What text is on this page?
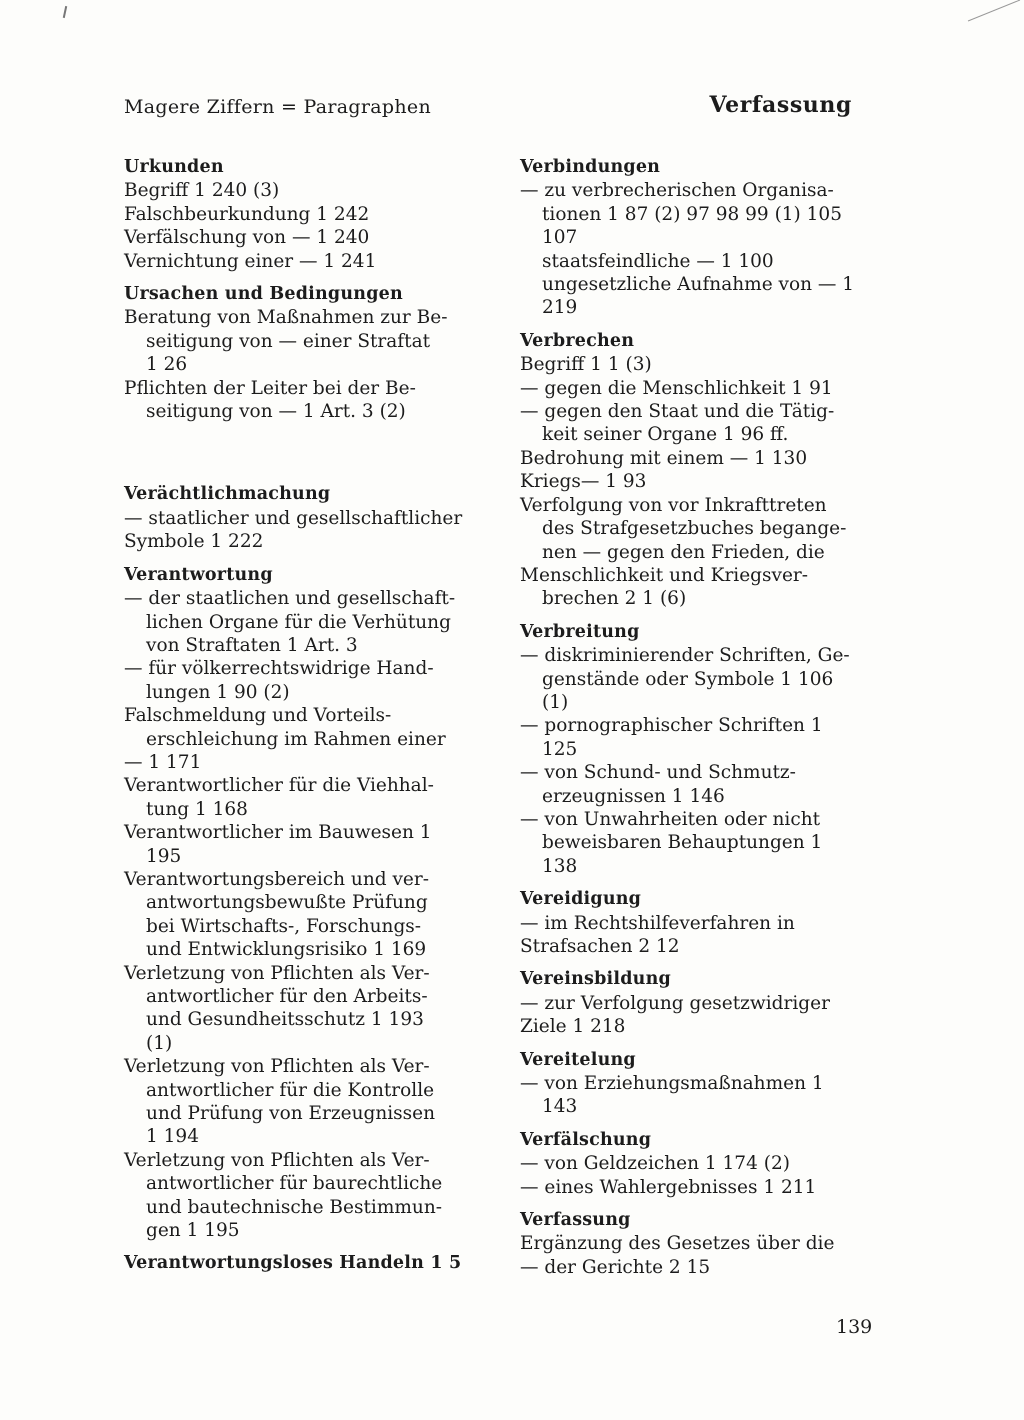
Magere Ziffern = Paragraphen	Verfassung
Urkunden
Begriff 1 240 (3)
Falschbeurkundung 1 242
Verfälschung von — 1 240
Vernichtung einer — 1 241
Ursachen und Bedingungen
Beratung von Maßnahmen zur Be-
seitigung von — einer Straftat
1 26
Pflichten der Leiter bei der Be-
seitigung von — 1 Art. 3 (2)
Verächtlichmachung
— staatlicher und gesellschaftlicher
Symbole 1 222
Verantwortung
— der staatlichen und gesellschaft-
lichen Organe für die Verhütung
von Straftaten 1 Art. 3
— für völkerrechtswidrige Hand-
lungen 1 90 (2)
Falschmeldung und Vorteils-
erschleichung im Rahmen einer
— 1 171
Verantwortlicher für die Viehhal-
tung 1 168
Verantwortlicher im Bauwesen 1
195
Verantwortungsbereich und ver-
antwortungsbewußte Prüfung
bei Wirtschafts-, Forschungs-
und Entwicklungsrisiko 1 169
Verletzung von Pflichten als Ver-
antwortlicher für den Arbeits-
und Gesundheitsschutz 1 193
(1)
Verletzung von Pflichten als Ver-
antwortlicher für die Kontrolle
und Prüfung von Erzeugnissen
1 194
Verletzung von Pflichten als Ver-
antwortlicher für baurechtliche
und bautechnische Bestimmun-
gen 1 195
Verantwortungsloses Handeln 1 5
Verbindungen
— zu verbrecherischen Organisa-
tionen 1 87 (2) 97 98 99 (1) 105
107
staatsfeindliche — 1 100
ungesetzliche Aufnahme von — 1
219
Verbrechen
Begriff 1 1 (3)
— gegen die Menschlichkeit 1 91
— gegen den Staat und die Tätig-
keit seiner Organe 1 96 ff.
Bedrohung mit einem — 1 130
Kriegs— 1 93
Verfolgung von vor Inkrafttreten
des Strafgesetzbuches begange-
nen — gegen den Frieden, die
Menschlichkeit und Kriegsver-
brechen 2 1 (6)
Verbreitung
— diskriminierender Schriften, Ge-
genstände oder Symbole 1 106
(1)
— pornographischer Schriften 1
125
— von Schund- und Schmutz-
erzeugnissen 1 146
— von Unwahrheiten oder nicht
beweisbaren Behauptungen 1
138
Vereidigung
— im Rechtshilfeverfahren in
Strafsachen 2 12
Vereinsbildung
— zur Verfolgung gesetzwidriger
Ziele 1 218
Vereitelung
— von Erziehungsmaßnahmen 1
143
Verfälschung
— von Geldzeichen 1 174 (2)
— eines Wahlergebnisses 1 211
Verfassung
Ergänzung des Gesetzes über die
— der Gerichte 2 15
139
